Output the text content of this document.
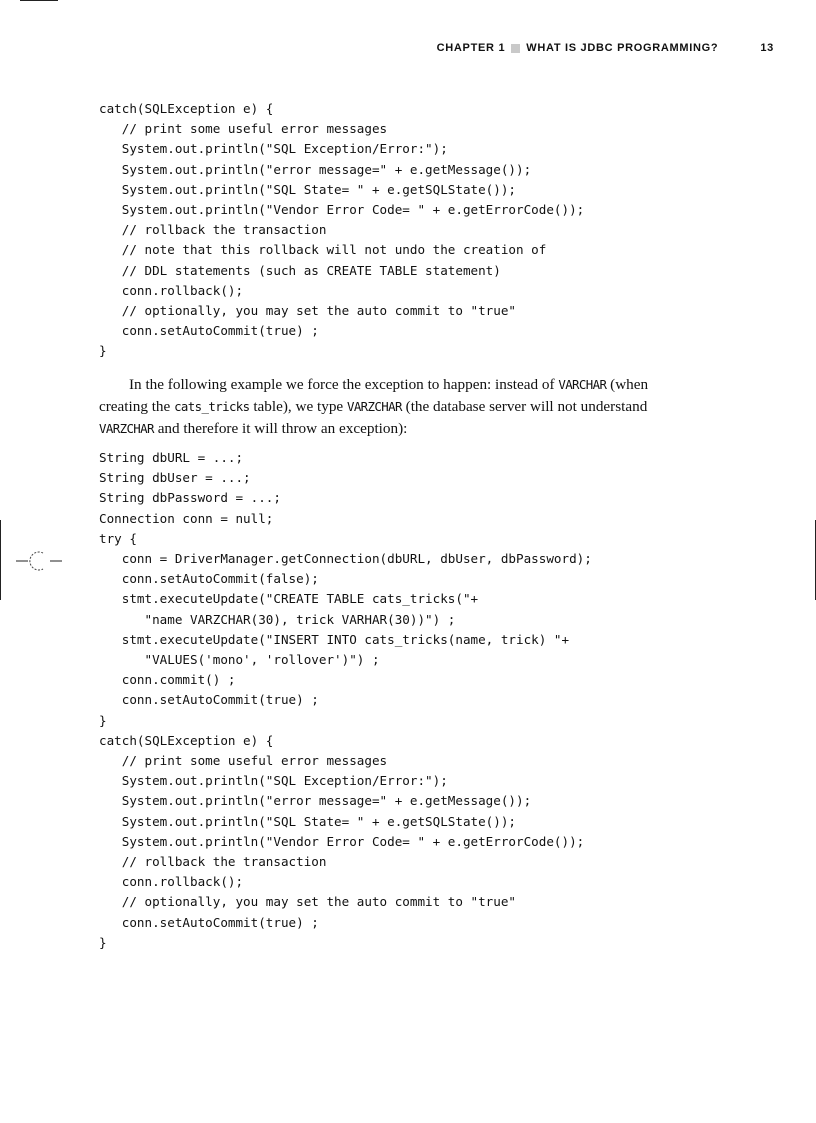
CHAPTER 1 WHAT IS JDBC PROGRAMMING?	13
catch(SQLException e) {
// print some useful error messages
System.out.println("SQL Exception/Error:");
System.out.println("error message=" + e.getMessage());
System.out.println("SQL State= " + e.getSQLState());
System.out.println("Vendor Error Code= " + e.getErrorCode());
// rollback the transaction
// note that this rollback will not undo the creation of
// DDL statements (such as CREATE TABLE statement)
conn.rollback();
// optionally, you may set the auto commit to "true"
conn.setAutoCommit(true) ;
}

In the following example we force the exception to happen: instead of VARCHAR (when creating the cats_tricks table), we type VARZCHAR (the database server will not understand VARZCHAR and therefore it will throw an exception):

String dbURL = ...;
String dbUser = ...;
String dbPassword = ...;
Connection conn = null;
try {
conn = DriverManager.getConnection(dbURL, dbUser, dbPassword);
conn.setAutoCommit(false);
stmt.executeUpdate("CREATE TABLE cats_tricks("+
"name VARZCHAR(30), trick VARHAR(30))") ;
stmt.executeUpdate("INSERT INTO cats_tricks(name, trick) "+
"VALUES('mono', 'rollover')") ;
conn.commit() ;
conn.setAutoCommit(true) ;
}
catch(SQLException e) {
// print some useful error messages
System.out.println("SQL Exception/Error:");
System.out.println("error message=" + e.getMessage());
System.out.println("SQL State= " + e.getSQLState());
System.out.println("Vendor Error Code= " + e.getErrorCode());
// rollback the transaction
conn.rollback();
// optionally, you may set the auto commit to "true"
conn.setAutoCommit(true) ;
}
